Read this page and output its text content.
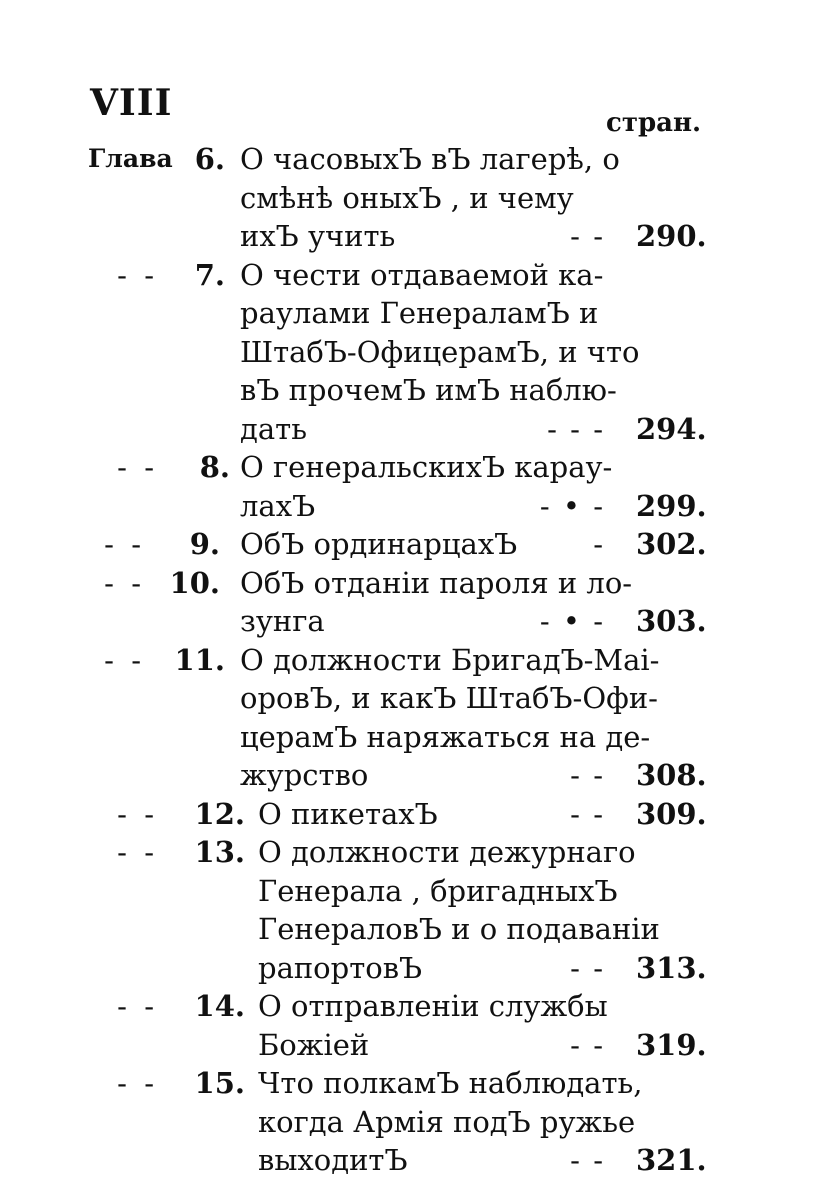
VIII	стран.
Глава 6. О часовыхЪ вЪ лагерѣ, о
смѣнѣ оныхЪ , и чему
ихЪ учить	- - 290.
- -	7. О чести отдаваемой ка-
раулами ГенераламЪ и
ШтабЪ-ОфицерамЪ, и что
вЪ прочемЪ имЪ наблю-
дать	- - - 294.
- -	8. О генеральскихЪ карау-
лахЪ	- • - 299.
- -	9. ОбЪ ординарцахЪ	- 302.
- - 10. ОбЪ отданіи пароля и ло-
зунга	- • - 303.
- -	11. О должности БригадЪ-Маі-
оровЪ, и какЪ ШтабЪ-Офи-
церамЪ наряжаться на де-
журство	- - 308.
- -	12. О пикетахЪ	- - 309.
- -	13. О должности дежурнаго
Генерала , бригадныхЪ
ГенераловЪ и о подаваніи
рапортовЪ	- - 313.
- -	14. О отправленіи службы
Божіей	- - 319.
- -	15. Что полкамЪ наблюдать,
когда Армія подЪ ружье
выходитЪ	- - 321.
